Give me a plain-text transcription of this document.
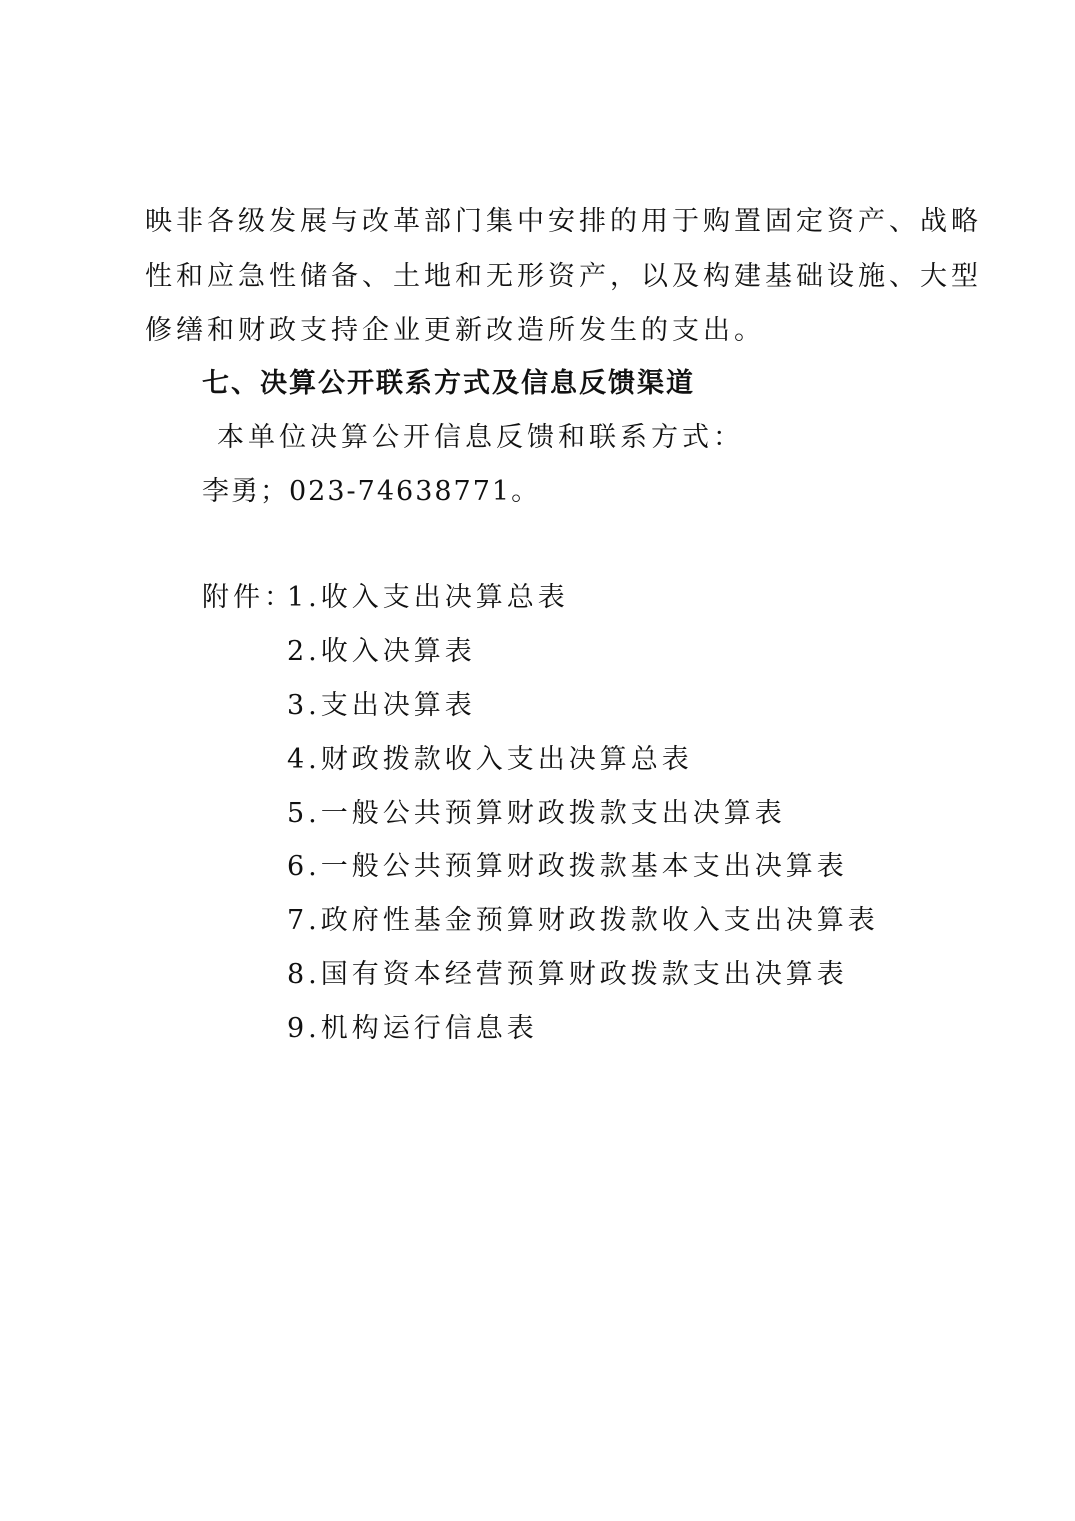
映非各级发展与改革部门集中安排的用于购置固定资产、战略
性和应急性储备、土地和无形资产，以及构建基础设施、大型
修缮和财政支持企业更新改造所发生的支出。
七、决算公开联系方式及信息反馈渠道
本单位决算公开信息反馈和联系方式：
李勇；023-74638771。
附件：
1.收入支出决算总表
2.收入决算表
3.支出决算表
4.财政拨款收入支出决算总表
5.一般公共预算财政拨款支出决算表
6.一般公共预算财政拨款基本支出决算表
7.政府性基金预算财政拨款收入支出决算表
8.国有资本经营预算财政拨款支出决算表
9.机构运行信息表
